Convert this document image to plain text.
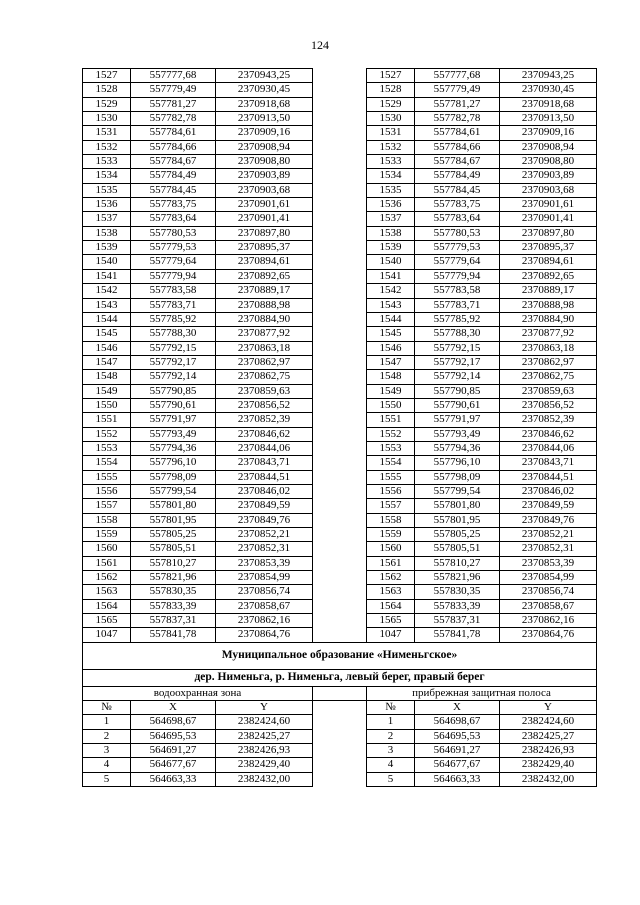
124
1527	557777,68	2370943,25		1527	557777,68	2370943,25
1528	557779,49	2370930,45		1528	557779,49	2370930,45
1529	557781,27	2370918,68		1529	557781,27	2370918,68
1530	557782,78	2370913,50		1530	557782,78	2370913,50
1531	557784,61	2370909,16		1531	557784,61	2370909,16
1532	557784,66	2370908,94		1532	557784,66	2370908,94
1533	557784,67	2370908,80		1533	557784,67	2370908,80
1534	557784,49	2370903,89		1534	557784,49	2370903,89
1535	557784,45	2370903,68		1535	557784,45	2370903,68
1536	557783,75	2370901,61		1536	557783,75	2370901,61
1537	557783,64	2370901,41		1537	557783,64	2370901,41
1538	557780,53	2370897,80		1538	557780,53	2370897,80
1539	557779,53	2370895,37		1539	557779,53	2370895,37
1540	557779,64	2370894,61		1540	557779,64	2370894,61
1541	557779,94	2370892,65		1541	557779,94	2370892,65
1542	557783,58	2370889,17		1542	557783,58	2370889,17
1543	557783,71	2370888,98		1543	557783,71	2370888,98
1544	557785,92	2370884,90		1544	557785,92	2370884,90
1545	557788,30	2370877,92		1545	557788,30	2370877,92
1546	557792,15	2370863,18		1546	557792,15	2370863,18
1547	557792,17	2370862,97		1547	557792,17	2370862,97
1548	557792,14	2370862,75		1548	557792,14	2370862,75
1549	557790,85	2370859,63		1549	557790,85	2370859,63
1550	557790,61	2370856,52		1550	557790,61	2370856,52
1551	557791,97	2370852,39		1551	557791,97	2370852,39
1552	557793,49	2370846,62		1552	557793,49	2370846,62
1553	557794,36	2370844,06		1553	557794,36	2370844,06
1554	557796,10	2370843,71		1554	557796,10	2370843,71
1555	557798,09	2370844,51		1555	557798,09	2370844,51
1556	557799,54	2370846,02		1556	557799,54	2370846,02
1557	557801,80	2370849,59		1557	557801,80	2370849,59
1558	557801,95	2370849,76		1558	557801,95	2370849,76
1559	557805,25	2370852,21		1559	557805,25	2370852,21
1560	557805,51	2370852,31		1560	557805,51	2370852,31
1561	557810,27	2370853,39		1561	557810,27	2370853,39
1562	557821,96	2370854,99		1562	557821,96	2370854,99
1563	557830,35	2370856,74		1563	557830,35	2370856,74
1564	557833,39	2370858,67		1564	557833,39	2370858,67
1565	557837,31	2370862,16		1565	557837,31	2370862,16
1047	557841,78	2370864,76		1047	557841,78	2370864,76
Муниципальное образование «Нименьгское»						
дер. Нименьга, р. Нименьга, левый берег, правый берег						
водоохранная зона				прибрежная защитная полоса		
№	X	Y		№	X	Y
1	564698,67	2382424,60		1	564698,67	2382424,60
2	564695,53	2382425,27		2	564695,53	2382425,27
3	564691,27	2382426,93		3	564691,27	2382426,93
4	564677,67	2382429,40		4	564677,67	2382429,40
5	564663,33	2382432,00		5	564663,33	2382432,00
